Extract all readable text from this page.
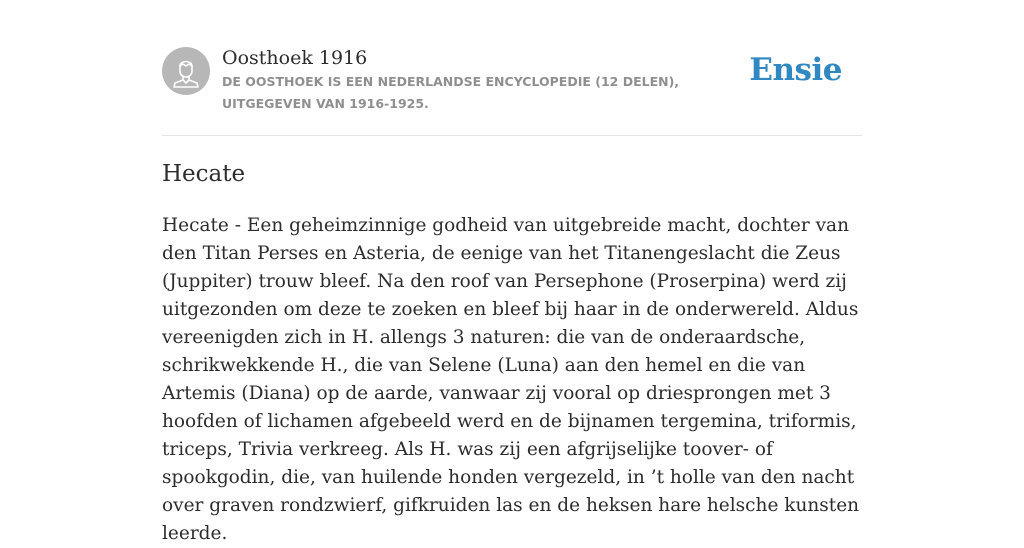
Oosthoek 1916
DE OOSTHOEK IS EEN NEDERLANDSE ENCYCLOPEDIE (12 DELEN), UITGEGEVEN VAN 1916-1925.
Ensie
Hecate
Hecate - Een geheimzinnige godheid van uitgebreide macht, dochter van den Titan Perses en Asteria, de eenige van het Titanengeslacht die Zeus (Juppiter) trouw bleef. Na den roof van Persephone (Proserpina) werd zij uitgezonden om deze te zoeken en bleef bij haar in de onderwereld. Aldus vereenigden zich in H. allengs 3 naturen: die van de onderaardsche, schrikwekkende H., die van Selene (Luna) aan den hemel en die van Artemis (Diana) op de aarde, vanwaar zij vooral op driesprongen met 3 hoofden of lichamen afgebeeld werd en de bijnamen tergemina, triformis, triceps, Trivia verkreeg. Als H. was zij een afgrijselijke toover- of spookgodin, die, van huilende honden vergezeld, in ’t holle van den nacht over graven rondzwierf, gifkruiden las en de heksen hare helsche kunsten leerde.
